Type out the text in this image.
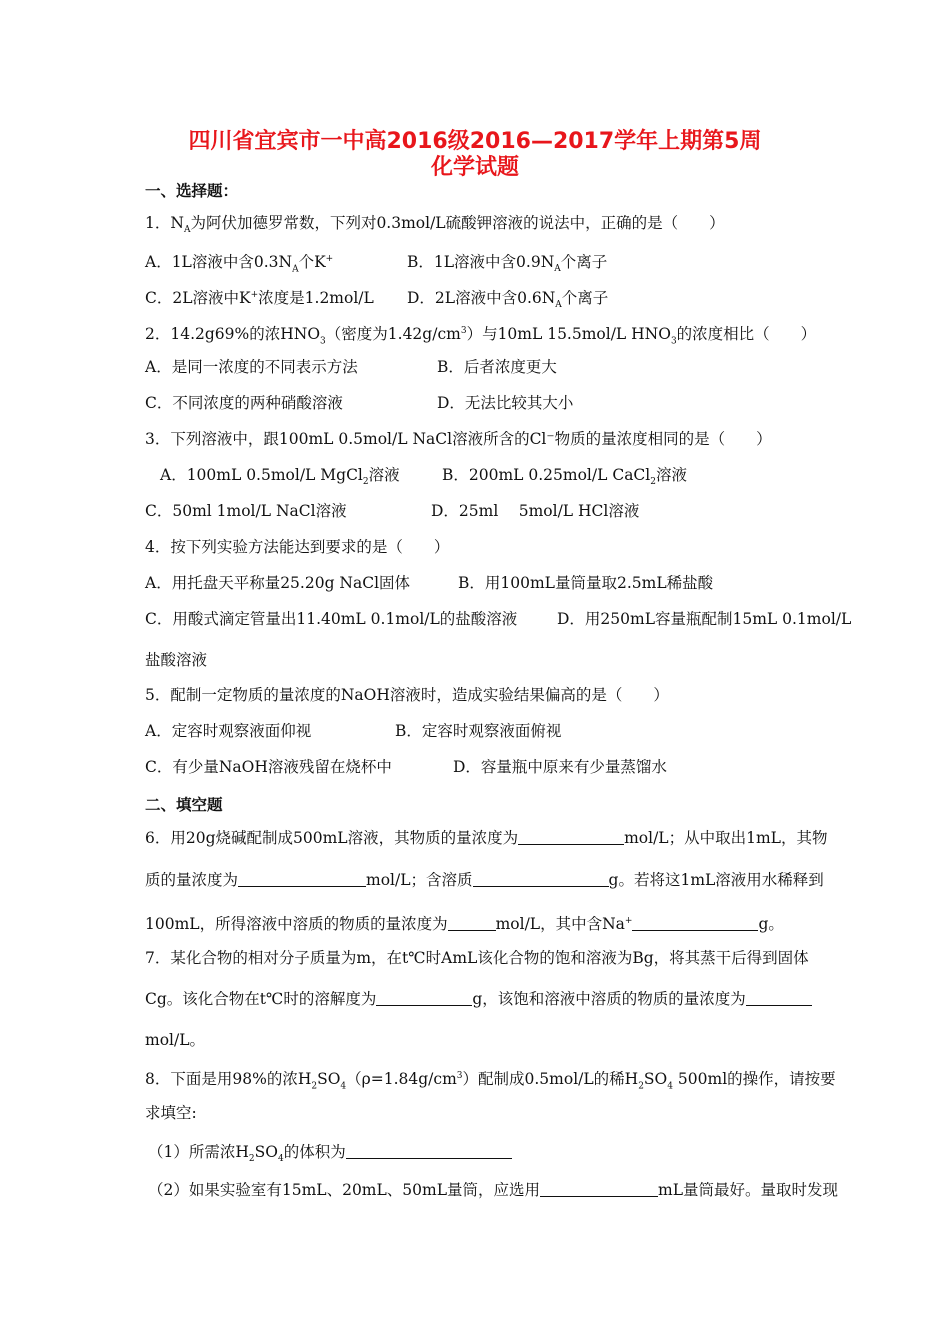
四川省宜宾市一中高2016级2016—2017学年上期第5周
化学试题
一、选择题：
1．$N_A$为阿伏加德罗常数，下列对0.3mol/L硫酸钾溶液的说法中，正确的是（　　）
A．1L溶液中含$0.3N_A$个K+	B．1L溶液中含$0.9N_A$个离子
C．2L溶液中K+浓度是1.2mol/L D．2L溶液中含$0.6N_A$个离子
2．14.2g69%的浓$HNO_3$（密度为$1.42g/cm^3$）与10mL 15.5mol/L $HNO_3$的浓度相比（　　）
A．是同一浓度的不同表示方法	B．后者浓度更大
C．不同浓度的两种硝酸溶液	D．无法比较其大小
3．下列溶液中，跟100mL 0.5mol/L NaCl溶液所含的Cl⁻物质的量浓度相同的是（　　）
A．100mL 0.5mol/L MgCl$_2$溶液	B．200mL 0.25mol/L CaCl$_2$溶液
C．50ml 1mol/L NaCl溶液	D．25ml　 5mol/L HCl溶液
4．按下列实验方法能达到要求的是（　　）
A．用托盘天平称量25.20g NaCl固体	B．用100mL量筒量取2.5mL稀盐酸
C．用酸式滴定管量出11.40mL 0.1mol/L的盐酸溶液	D．用250mL容量瓶配制15mL 0.1mol/L
盐酸溶液
5．配制一定物质的量浓度的NaOH溶液时，造成实验结果偏高的是（　　）
A．定容时观察液面仰视	B．定容时观察液面俯视
C．有少量NaOH溶液残留在烧杯中	D．容量瓶中原来有少量蒸馏水
二、填空题
6．用20g烧碱配制成500mL溶液，其物质的量浓度为	mol/L；从中取出1mL，其物
质的量浓度为	mol/L；含溶质	g。若将这1mL溶液用水稀释到
100mL，所得溶液中溶质的物质的量浓度为	mol/L，其中含Na+	g。
7．某化合物的相对分子质量为m，在t℃时AmL该化合物的饱和溶液为Bg，将其蒸干后得到固体
Cg。该化合物在t℃时的溶解度为	g，该饱和溶液中溶质的物质的量浓度为
mol/L。
8．下面是用98%的浓$H_2SO_4(\rho=1.84g/cm^3)$配制成0.5mol/L的稀$H_2SO_4$ 500ml的操作，请按要
求填空:
（1）所需浓$H_2SO_4$的体积为
（2）如果实验室有15mL、20mL、50mL量筒，应选用	mL量筒最好。量取时发现
